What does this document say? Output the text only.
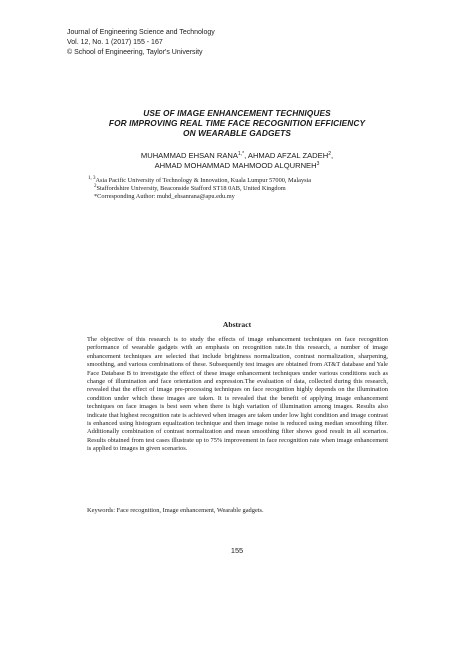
Journal of Engineering Science and Technology
Vol. 12, No. 1 (2017) 155 - 167
© School of Engineering, Taylor's University
USE OF IMAGE ENHANCEMENT TECHNIQUES
FOR IMPROVING REAL TIME FACE RECOGNITION EFFICIENCY
ON WEARABLE GADGETS
MUHAMMAD EHSAN $RANA^{1,*}$, AHMAD AFZAL ZADEH$^2$,
AHMAD MOHAMMAD MAHMOOD ALQURNEH$^3$
$^{1, 3}$Asia Pacific University of Technology & Innovation, Kuala Lumpur 57000, Malaysia
$^2$Staffordshire University, Beaconside Stafford ST18 0AB, United Kingdom
*Corresponding Author: muhd_ehsanrana@apu.edu.my
Abstract

The objective of this research is to study the effects of image enhancement techniques on face recognition performance of wearable gadgets with an emphasis on recognition rate.In this research, a number of image enhancement techniques are selected that include brightness normalization, contrast normalization, sharpening, smoothing, and various combinations of these. Subsequently test images are obtained from AT&T database and Yale Face Database B to investigate the effect of these image enhancement techniques under various conditions such as change of illumination and face orientation and expression.The evaluation of data, collected during this research, revealed that the effect of image pre-processing techniques on face recognition highly depends on the illumination condition under which these images are taken. It is revealed that the benefit of applying image enhancement techniques on face images is best seen when there is high variation of illumination among images. Results also indicate that highest recognition rate is achieved when images are taken under low light condition and image contrast is enhanced using histogram equalization technique and then image noise is reduced using median smoothing filter. Additionally combination of contrast normalization and mean smoothing filter shows good result in all scenarios. Results obtained from test cases illustrate up to 75% improvement in face recognition rate when image enhancement is applied to images in given scenarios.

Keywords: Face recognition, Image enhancement, Wearable gadgets.
155
